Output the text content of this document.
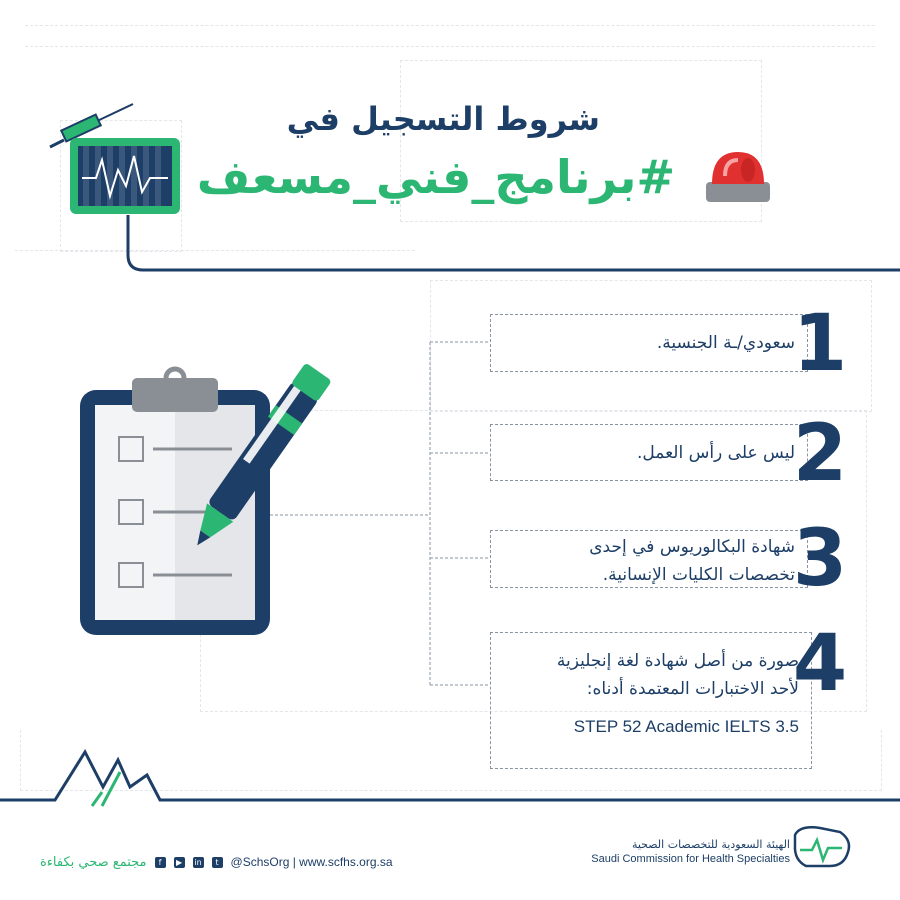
شروط التسجيل في
#برنامج_فني_مسعف
سعودي/ـة الجنسية.
1
ليس على رأس العمل.
2
شهادة البكالوريوس في إحدى
تخصصات الكليات الإنسانية.
3
صورة من أصل شهادة لغة إنجليزية
لأحد الاختبارات المعتمدة أدناه:
STEP 52 Academic IELTS 3.5
4
مجتمع صحي بكفاءة	f	▶	in	t @SchsOrg | www.scfhs.org.sa
الهيئة السعودية للتخصصات الصحية
Saudi Commission for Health Specialties
